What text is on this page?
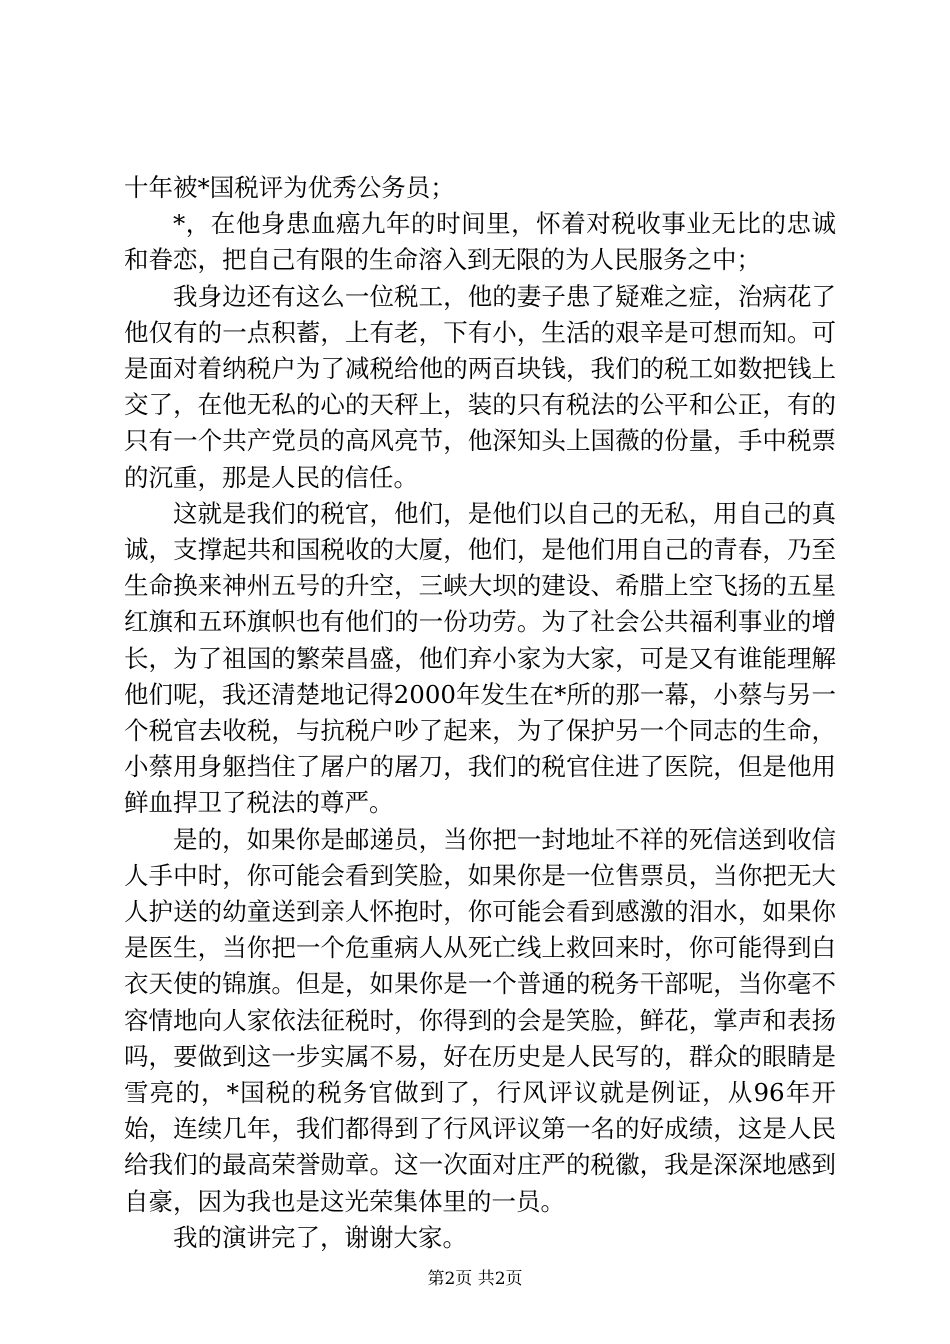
十年被*国税评为优秀公务员；

*，在他身患血癌九年的时间里，怀着对税收事业无比的忠诚和眷恋，把自己有限的生命溶入到无限的为人民服务之中；

我身边还有这么一位税工，他的妻子患了疑难之症，治病花了他仅有的一点积蓄，上有老，下有小，生活的艰辛是可想而知。可是面对着纳税户为了减税给他的两百块钱，我们的税工如数把钱上交了，在他无私的心的天秤上，装的只有税法的公平和公正，有的只有一个共产党员的高风亮节，他深知头上国薇的份量，手中税票的沉重，那是人民的信任。

这就是我们的税官，他们，是他们以自己的无私，用自己的真诚，支撑起共和国税收的大厦，他们，是他们用自己的青春，乃至生命换来神州五号的升空，三峡大坝的建设、希腊上空飞扬的五星红旗和五环旗帜也有他们的一份功劳。为了社会公共福利事业的增长，为了祖国的繁荣昌盛，他们弃小家为大家，可是又有谁能理解他们呢，我还清楚地记得2000年发生在*所的那一幕，小蔡与另一个税官去收税，与抗税户吵了起来，为了保护另一个同志的生命，小蔡用身躯挡住了屠户的屠刀，我们的税官住进了医院，但是他用鲜血捍卫了税法的尊严。

是的，如果你是邮递员，当你把一封地址不祥的死信送到收信人手中时，你可能会看到笑脸，如果你是一位售票员，当你把无大人护送的幼童送到亲人怀抱时，你可能会看到感激的泪水，如果你是医生，当你把一个危重病人从死亡线上救回来时，你可能得到白衣天使的锦旗。但是，如果你是一个普通的税务干部呢，当你毫不容情地向人家依法征税时，你得到的会是笑脸，鲜花，掌声和表扬吗，要做到这一步实属不易，好在历史是人民写的，群众的眼睛是雪亮的，*国税的税务官做到了，行风评议就是例证，从96年开始，连续几年，我们都得到了行风评议第一名的好成绩，这是人民给我们的最高荣誉勋章。这一次面对庄严的税徽，我是深深地感到自豪，因为我也是这光荣集体里的一员。

我的演讲完了，谢谢大家。

第2页 共2页
